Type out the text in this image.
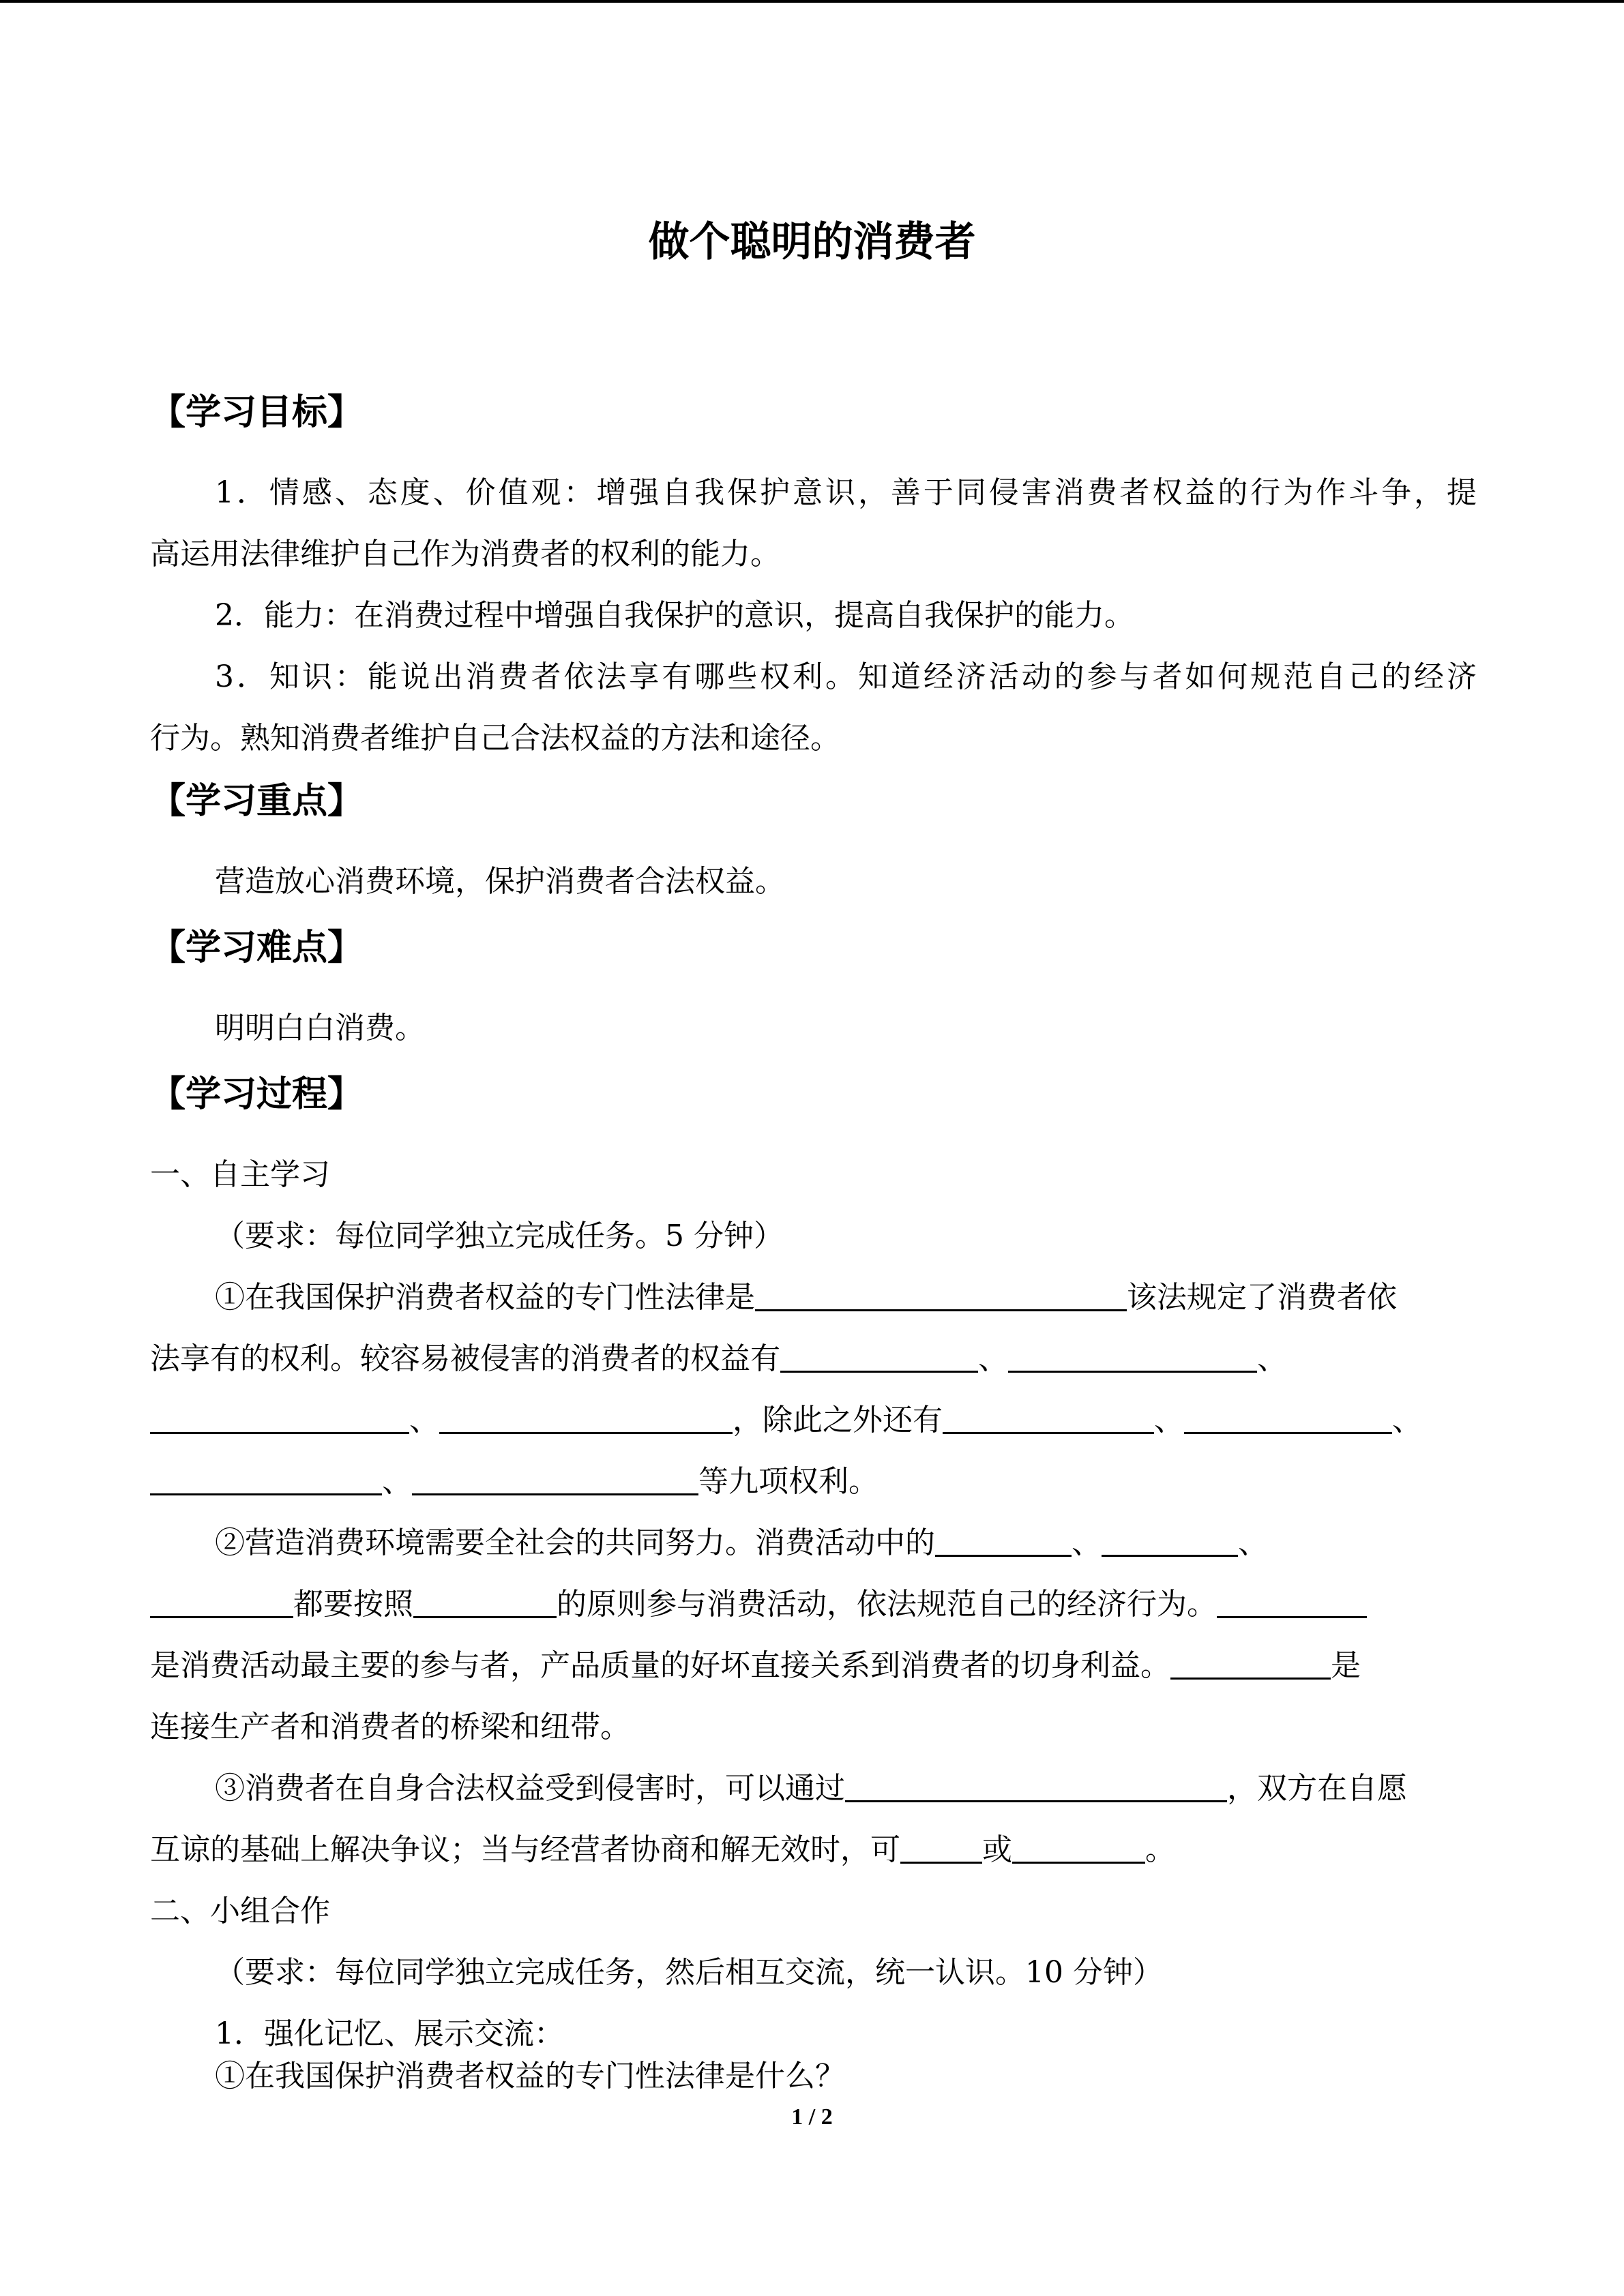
做个聪明的消费者
【学习目标】
1．情感、态度、价值观：增强自我保护意识，善于同侵害消费者权益的行为作斗争，提
高运用法律维护自己作为消费者的权利的能力。
2．能力：在消费过程中增强自我保护的意识，提高自我保护的能力。
3．知识：能说出消费者依法享有哪些权利。知道经济活动的参与者如何规范自己的经济
行为。熟知消费者维护自己合法权益的方法和途径。
【学习重点】
营造放心消费环境，保护消费者合法权益。
【学习难点】
明明白白消费。
【学习过程】
一、自主学习
（要求：每位同学独立完成任务。5 分钟）
①在我国保护消费者权益的专门性法律是	该法规定了消费者依
法享有的权利。较容易被侵害的消费者的权益有	、	、
、	，除此之外还有	、	、
、	等九项权利。
②营造消费环境需要全社会的共同努力。消费活动中的	、	、
都要按照	的原则参与消费活动，依法规范自己的经济行为。
是消费活动最主要的参与者，产品质量的好坏直接关系到消费者的切身利益。	是
连接生产者和消费者的桥梁和纽带。
③消费者在自身合法权益受到侵害时，可以通过	，双方在自愿
互谅的基础上解决争议；当与经营者协商和解无效时，可	或	。
二、小组合作
（要求：每位同学独立完成任务，然后相互交流，统一认识。10 分钟）
1．强化记忆、展示交流：
①在我国保护消费者权益的专门性法律是什么？
1 / 2
